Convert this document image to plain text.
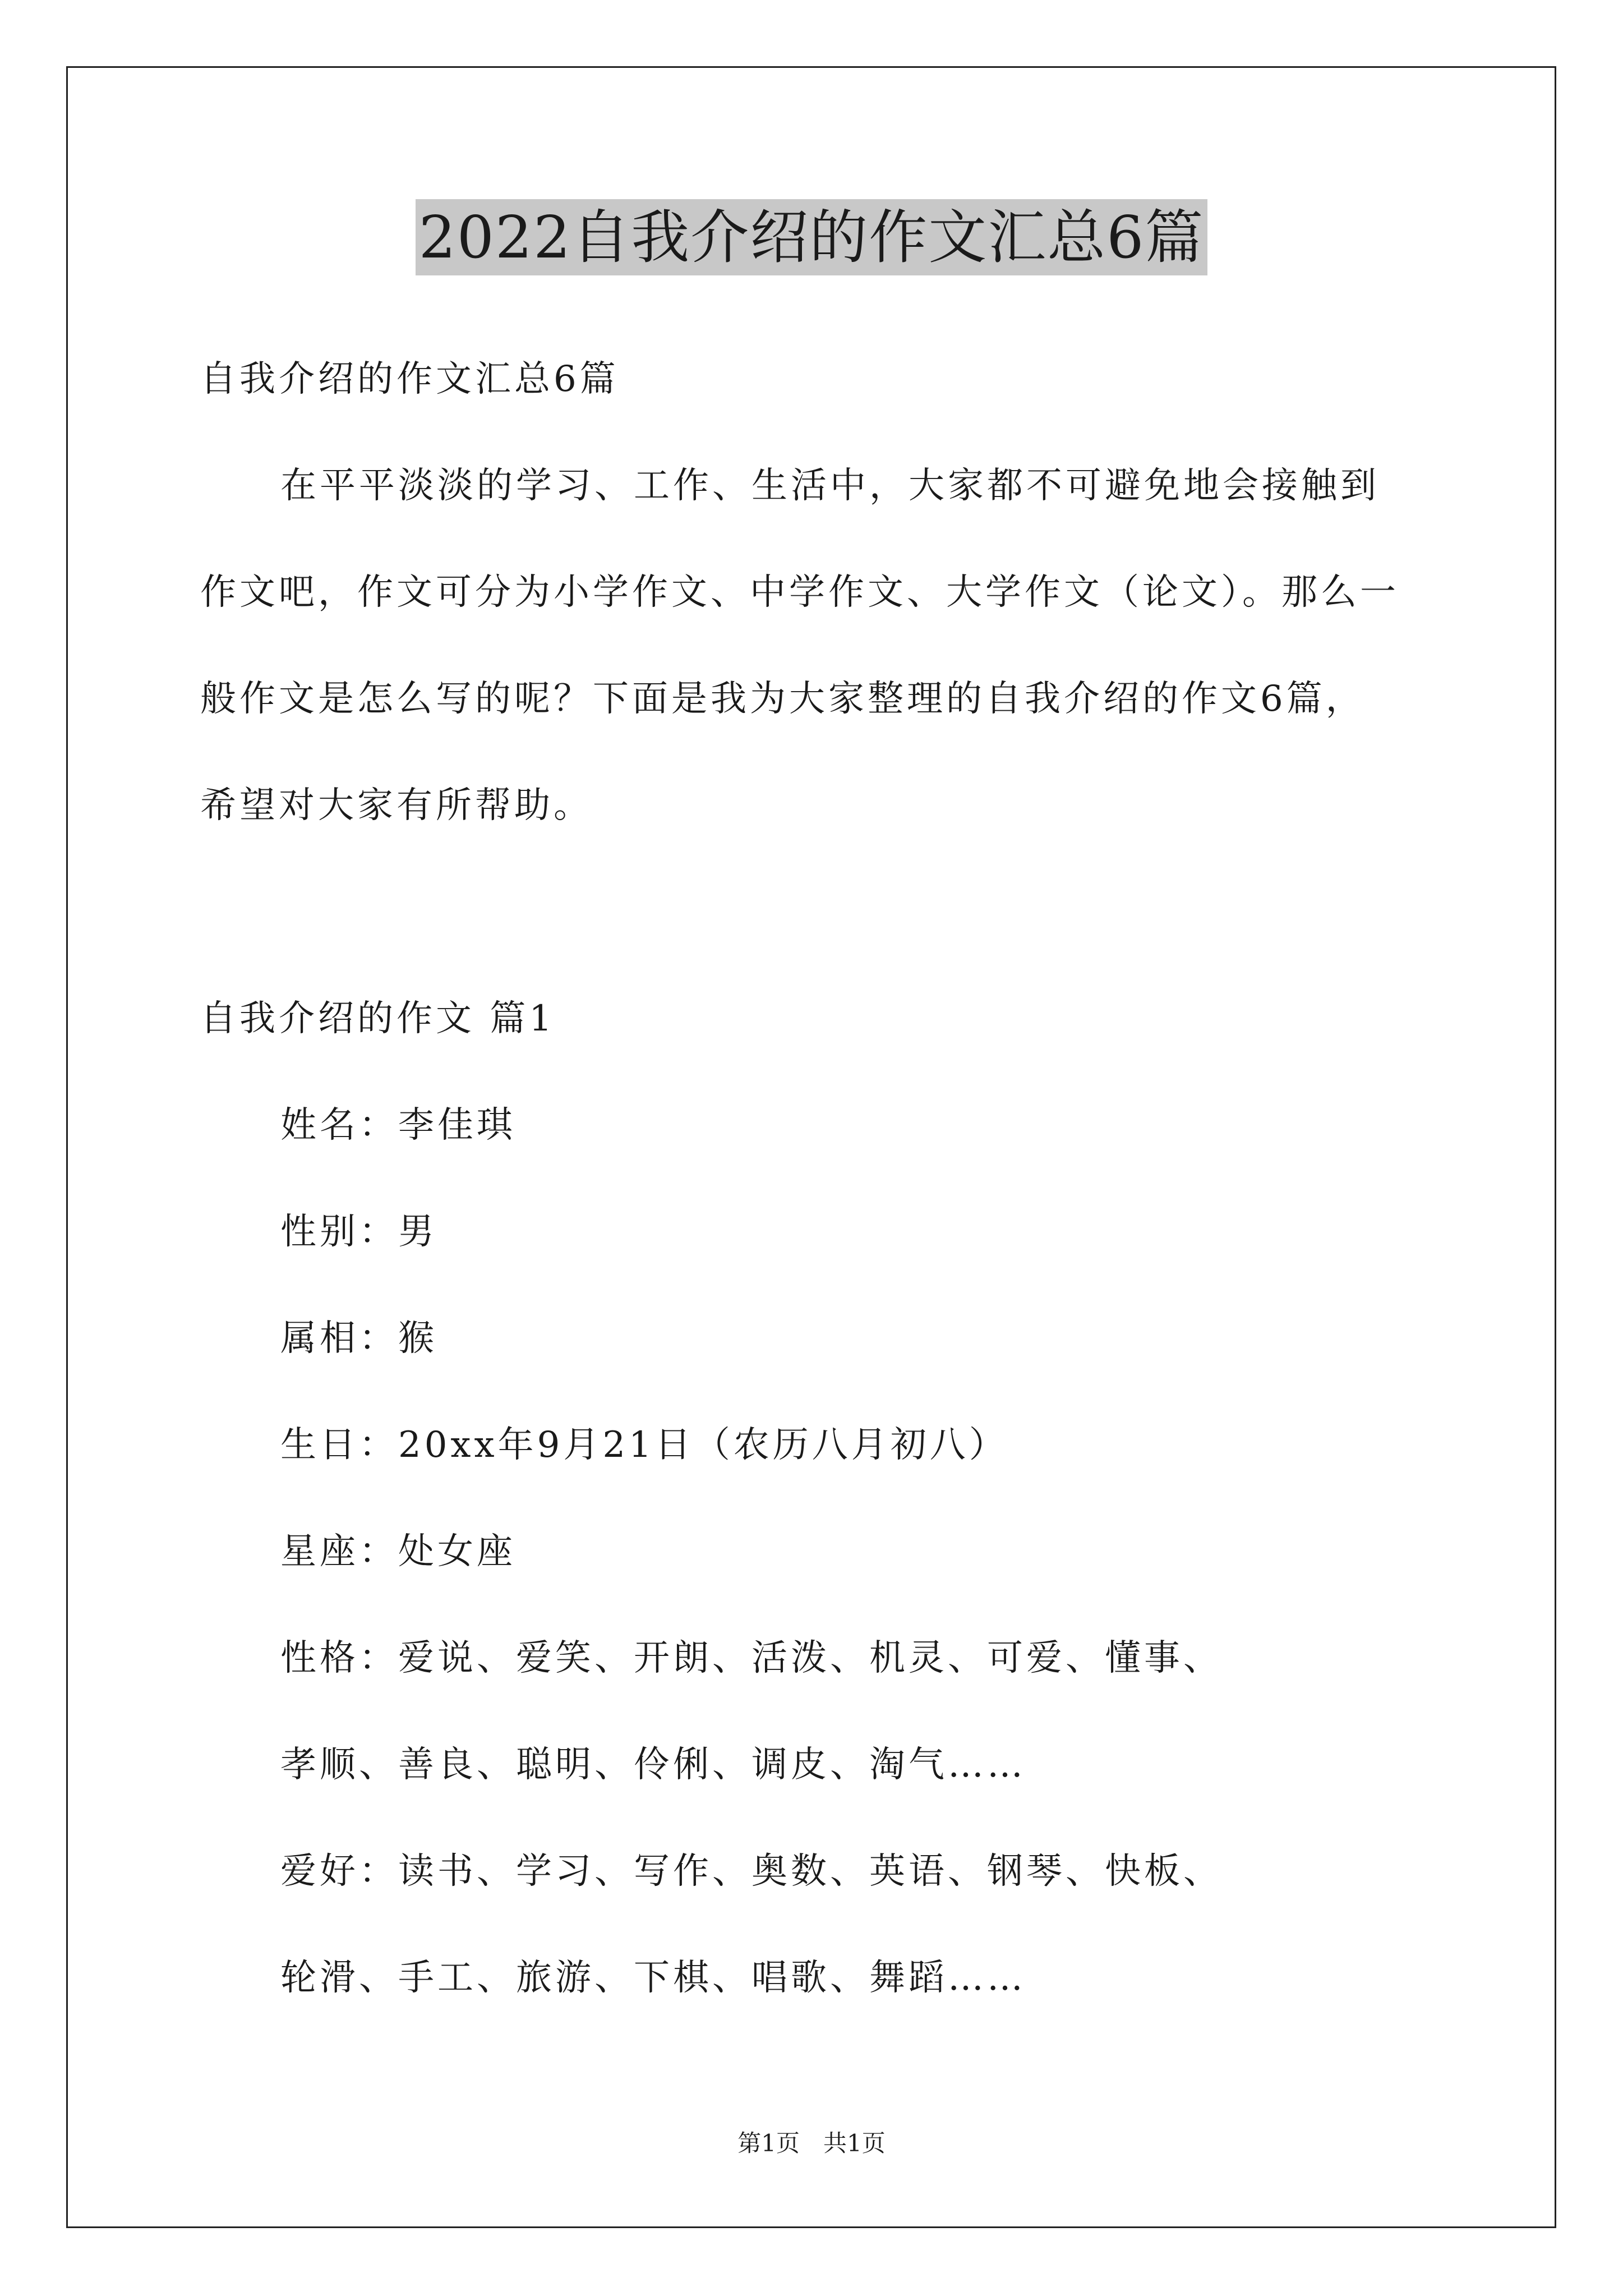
2022自我介绍的作文汇总6篇
自我介绍的作文汇总6篇
在平平淡淡的学习、工作、生活中，大家都不可避免地会接触到
作文吧，作文可分为小学作文、中学作文、大学作文（论文）。那么一
般作文是怎么写的呢？下面是我为大家整理的自我介绍的作文6篇，
希望对大家有所帮助。
自我介绍的作文 篇1
姓名：李佳琪
性别：男
属相：猴
生日：20xx年9月21日（农历八月初八）
星座：处女座
性格：爱说、爱笑、开朗、活泼、机灵、可爱、懂事、
孝顺、善良、聪明、伶俐、调皮、淘气……
爱好：读书、学习、写作、奥数、英语、钢琴、快板、
轮滑、手工、旅游、下棋、唱歌、舞蹈……
第1页　共1页
